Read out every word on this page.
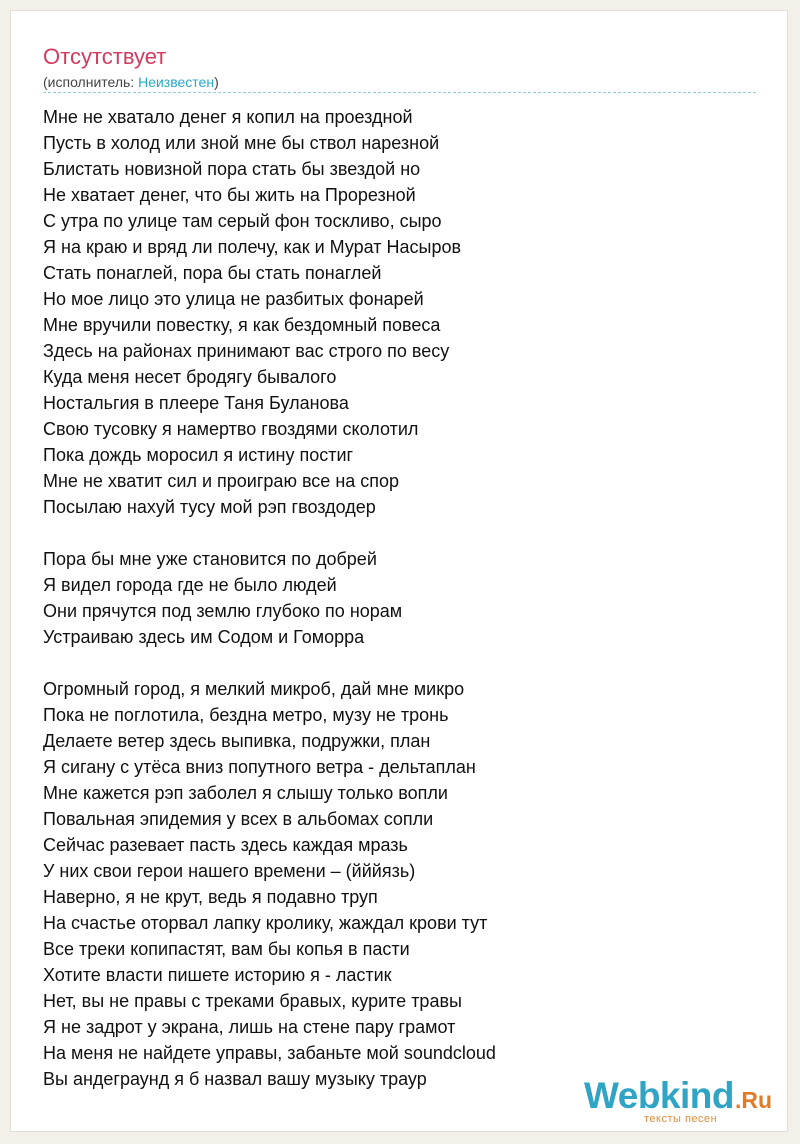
Отсутствует
(исполнитель: Неизвестен)
Мне не хватало денег я копил на проездной
Пусть в холод или зной мне бы ствол нарезной
Блистать новизной пора стать бы звездой но
Не хватает денег, что бы жить на Прорезной
С утра по улице там серый фон тоскливо, сыро
Я на краю и вряд ли полечу, как и Мурат Насыров
Стать понаглей, пора бы стать понаглей
Но мое лицо это улица не разбитых фонарей
Мне вручили повестку, я как бездомный повеса
Здесь на районах принимают вас строго по весу
Куда меня несет бродягу бывалого
Ностальгия в плеере Таня Буланова
Свою тусовку я намертво гвоздями сколотил
Пока дождь моросил я истину постиг
Мне не хватит сил и проиграю все на спор
Посылаю нахуй тусу мой рэп гвоздодер
Пора бы мне уже становится по добрей
Я видел города где не было людей
Они прячутся под землю глубоко по норам
Устраиваю здесь им Содом и Гоморра
Огромный город, я мелкий микроб, дай мне микро
Пока не поглотила, бездна метро, музу не тронь
Делаете ветер здесь выпивка, подружки, план
Я сигану с утёса вниз попутного ветра - дельтаплан
Мне кажется рэп заболел я слышу только вопли
Повальная эпидемия у всех в альбомах сопли
Сейчас разевает пасть здесь каждая мразь
У них свои герои нашего времени – (йййязь)
Наверно, я не крут, ведь я подавно труп
На счастье оторвал лапку кролику, жаждал крови тут
Все треки копипастят, вам бы копья в пасти
Хотите власти пишете историю я - ластик
Нет, вы не правы с треками бравых, курите травы
Я не задрот у экрана, лишь на стене пару грамот
На меня не найдете управы, забаньте мой soundcloud
Вы андеграунд я б назвал вашу музыку траур	Webkind.Ru
тексты песен
